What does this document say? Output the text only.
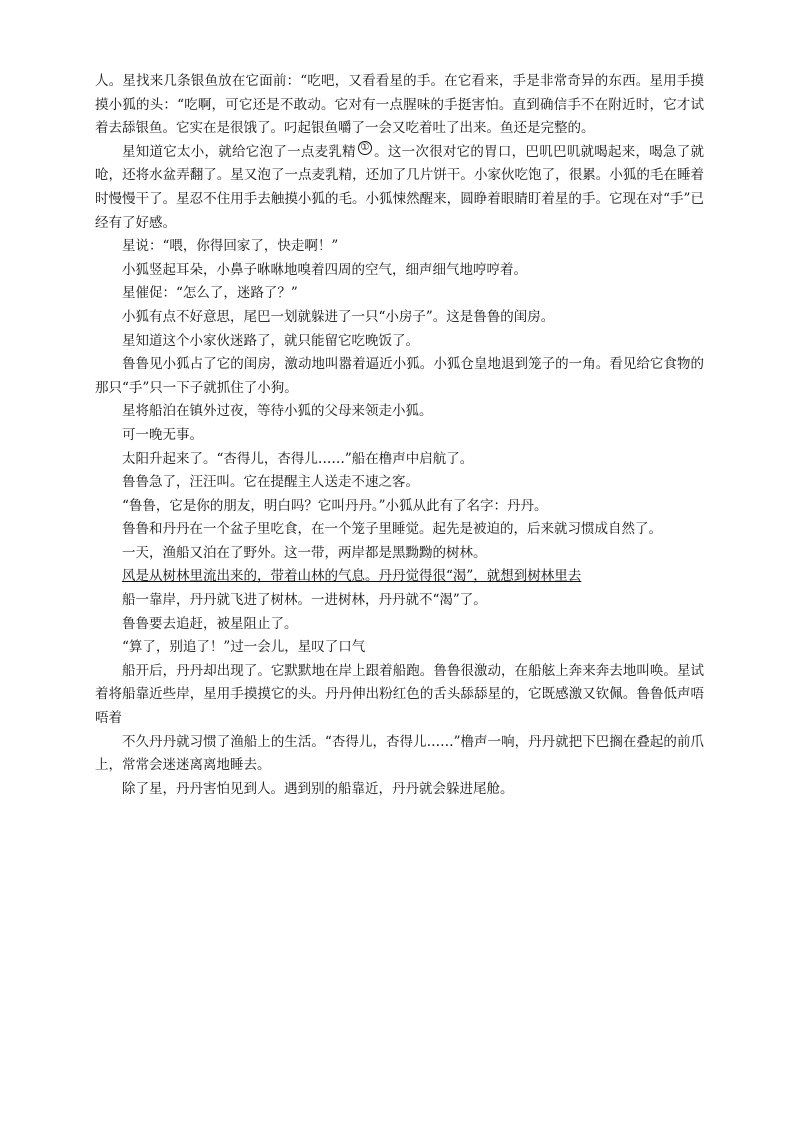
人。星找来几条银鱼放在它面前：“吃吧，又看看星的手。在它看来，手是非常奇异的东西。星用手摸摸小狐的头：“吃啊，可它还是不敢动。它对有一点腥味的手挺害怕。直到确信手不在附近时，它才试着去舔银鱼。它实在是很饿了。叼起银鱼嚼了一会又吃着吐了出来。鱼还是完整的。

星知道它太小，就给它泡了一点麦乳精 ① 。这一次很对它的胃口，巴叽巴叽就喝起来，喝急了就呛，还将水盆弄翻了。星又泡了一点麦乳精，还加了几片饼干。小家伙吃饱了，很累。小狐的毛在睡着时慢慢干了。星忍不住用手去触摸小狐的毛。小狐悚然醒来，圆睁着眼睛盯着星的手。它现在对“手”已经有了好感。

星说：“喂，你得回家了，快走啊！”

小狐竖起耳朵，小鼻子咻咻地嗅着四周的空气，细声细气地哼哼着。

星催促：“怎么了，迷路了？”

小狐有点不好意思，尾巴一划就躲进了一只“小房子”。这是鲁鲁的闺房。

星知道这个小家伙迷路了，就只能留它吃晚饭了。

鲁鲁见小狐占了它的闺房，激动地叫嚣着逼近小狐。小狐仓皇地退到笼子的一角。看见给它食物的那只“手”只一下子就抓住了小狗。

星将船泊在镇外过夜，等待小狐的父母来领走小狐。

可一晚无事。

太阳升起来了。“杏得儿，杏得儿……”船在橹声中启航了。

鲁鲁急了，汪汪叫。它在提醒主人送走不速之客。

“鲁鲁，它是你的朋友，明白吗？它叫丹丹。”小狐从此有了名字：丹丹。

鲁鲁和丹丹在一个盆子里吃食，在一个笼子里睡觉。起先是被迫的，后来就习惯成自然了。

一天，渔船又泊在了野外。这一带，两岸都是黑黝黝的树林。

风是从树林里流出来的，带着山林的气息。丹丹觉得很“渴”，就想到树林里去

船一靠岸，丹丹就飞进了树林。一进树林，丹丹就不“渴”了。

鲁鲁要去追赶，被星阻止了。

“算了，别追了！”过一会儿，星叹了口气

船开后，丹丹却出现了。它默默地在岸上跟着船跑。鲁鲁很激动，在船舷上奔来奔去地叫唤。星试着将船靠近些岸，星用手摸摸它的头。丹丹伸出粉红色的舌头舔舔星的，它既感激又钦佩。鲁鲁低声唔唔着

不久丹丹就习惯了渔船上的生活。“杏得儿，杏得儿……”橹声一响，丹丹就把下巴搁在叠起的前爪上，常常会迷迷离离地睡去。

除了星，丹丹害怕见到人。遇到别的船靠近，丹丹就会躲进尾舱。
